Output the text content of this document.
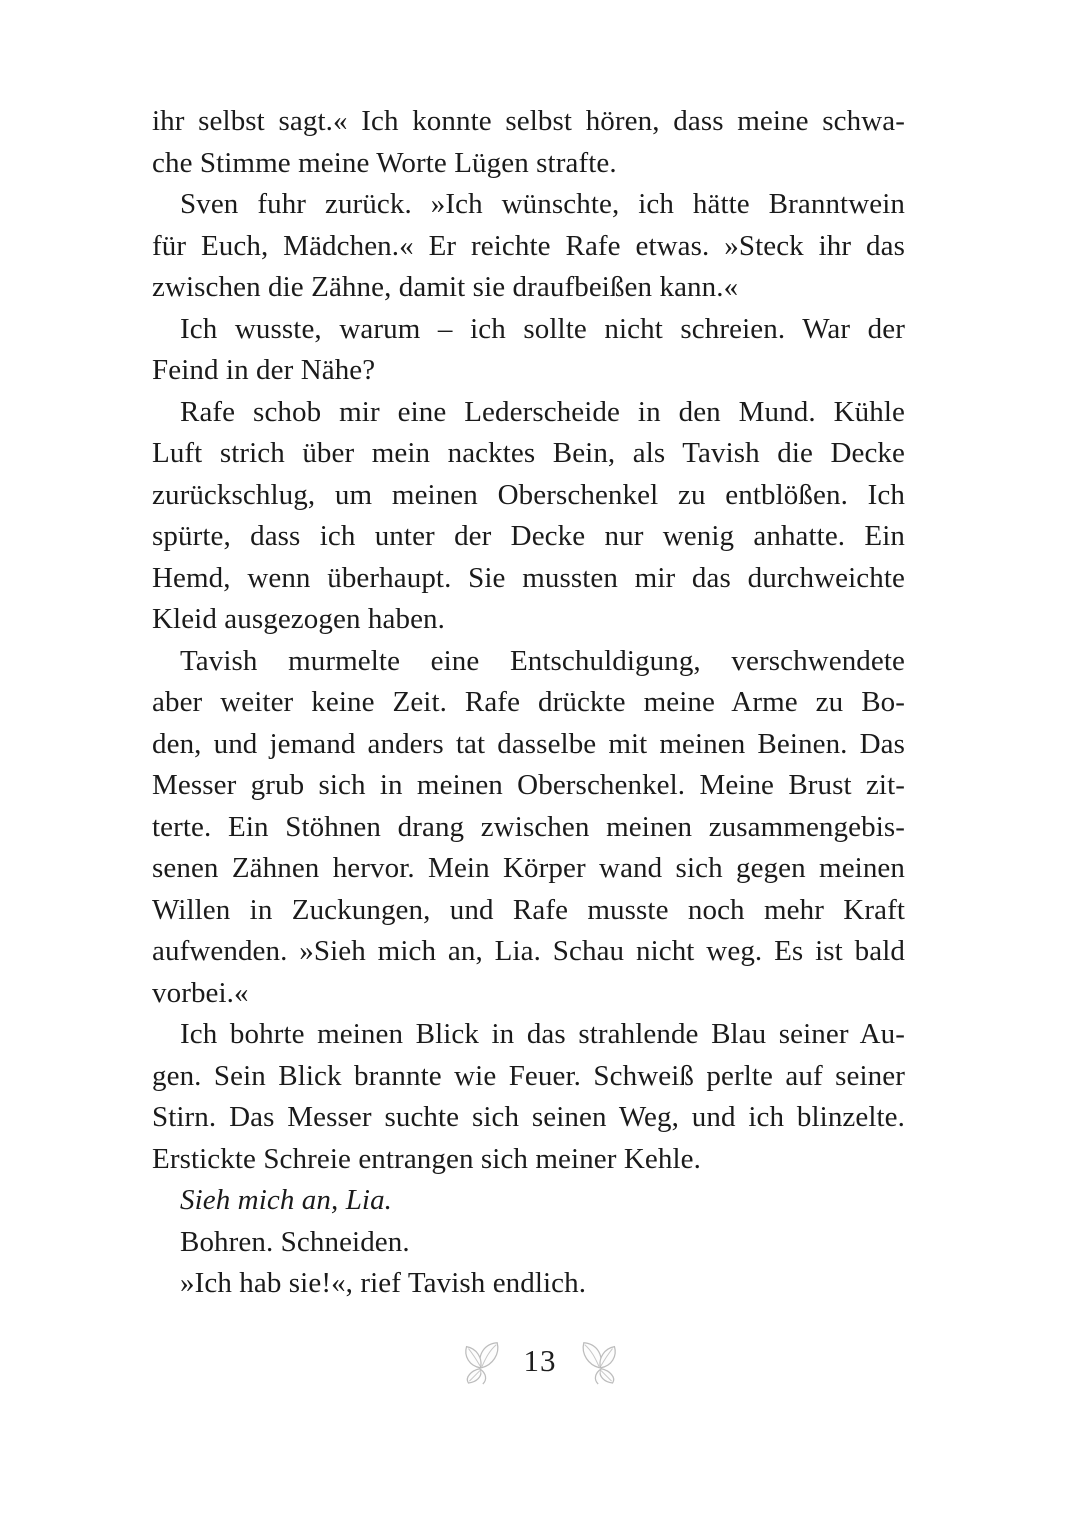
ihr selbst sagt.« Ich konnte selbst hören, dass meine schwa-
che Stimme meine Worte Lügen strafte.

Sven fuhr zurück. »Ich wünschte, ich hätte Branntwein
für Euch, Mädchen.« Er reichte Rafe etwas. »Steck ihr das
zwischen die Zähne, damit sie draufbeißen kann.«

Ich wusste, warum – ich sollte nicht schreien. War der
Feind in der Nähe?

Rafe schob mir eine Lederscheide in den Mund. Kühle
Luft strich über mein nacktes Bein, als Tavish die Decke
zurückschlug, um meinen Oberschenkel zu entblößen. Ich
spürte, dass ich unter der Decke nur wenig anhatte. Ein
Hemd, wenn überhaupt. Sie mussten mir das durchweichte
Kleid ausgezogen haben.

Tavish murmelte eine Entschuldigung, verschwendete
aber weiter keine Zeit. Rafe drückte meine Arme zu Bo-
den, und jemand anders tat dasselbe mit meinen Beinen. Das
Messer grub sich in meinen Oberschenkel. Meine Brust zit-
terte. Ein Stöhnen drang zwischen meinen zusammengebis-
senen Zähnen hervor. Mein Körper wand sich gegen meinen
Willen in Zuckungen, und Rafe musste noch mehr Kraft
aufwenden. »Sieh mich an, Lia. Schau nicht weg. Es ist bald
vorbei.«

Ich bohrte meinen Blick in das strahlende Blau seiner Au-
gen. Sein Blick brannte wie Feuer. Schweiß perlte auf seiner
Stirn. Das Messer suchte sich seinen Weg, und ich blinzelte.
Erstickte Schreie entrangen sich meiner Kehle.

Sieh mich an, Lia.

Bohren. Schneiden.

»Ich hab sie!«, rief Tavish endlich.

13
